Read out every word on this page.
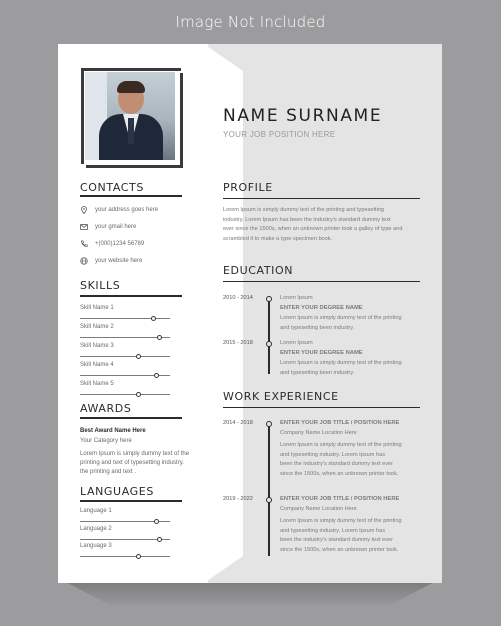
Image Not Included
CONTACTS
your address goes here
your gmail here
+(000)1234 56789
your website here
SKILLS
AWARDS
Best Award Name Here
Your Category here
Lorem Ipsum is simply dummy text of the
printing and text of typesetting industry.
the printing and text .
LANGUAGES
NAME SURNAME
YOUR JOB POSITION HERE
PROFILE
Lorem Ipsum is simply dummy text of the printing and typesetting
industry. Lorem Ipsum has been the industry's standard dummy text
ever since the 1500s, when an unknown printer took a galley of type and
scrambled it to make a type specimen book.
EDUCATION
2010 - 2014	Lorem Ipsum
ENTER YOUR DEGREE NAME
Lorem Ipsum is simply dummy text of the printing
and typesetting been industry.
2015 - 2018	Lorem Ipsum
ENTER YOUR DEGREE NAME
Lorem Ipsum is simply dummy text of the printing
and typesetting been industry.
WORK EXPERIENCE
2014 - 2018	ENTER YOUR JOB TITLE / POSITION HERE
Company Name Location Here
Lorem Ipsum is simply dummy text of the printing
and typesetting industry. Lorem Ipsum has
been the industry's standard dummy text ever
since the 1500s, when an unknown printer took.
2019 - 2022	ENTER YOUR JOB TITLE / POSITION HERE
Company Name Location Here
Lorem Ipsum is simply dummy text of the printing
and typesetting industry. Lorem Ipsum has
been the industry's standard dummy text ever
since the 1500s, when an unknown printer took.
Skill Name 1
Skill Name 2
Skill Name 3
Skill Name 4
Skill Name 5
Language 1
Language 2
Language 3
